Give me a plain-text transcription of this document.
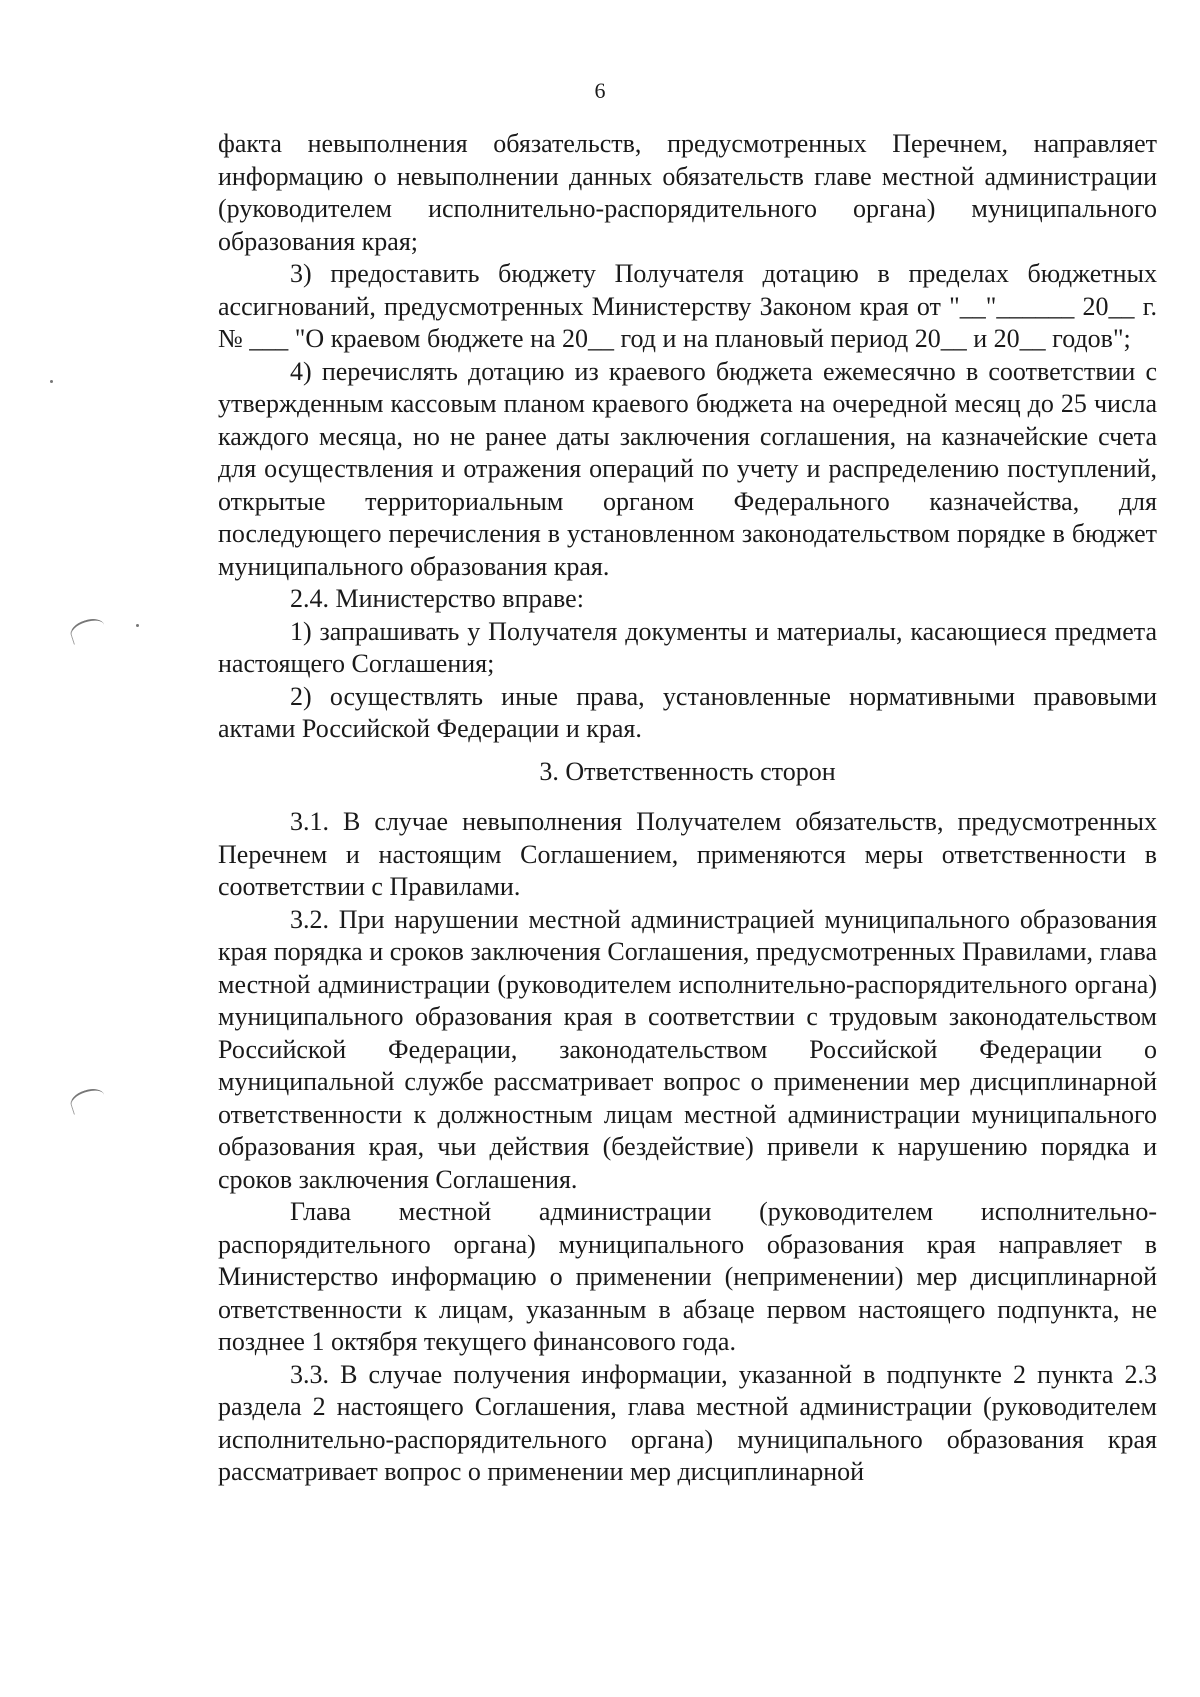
6

факта невыполнения обязательств, предусмотренных Перечнем, направляет информацию о невыполнении данных обязательств главе местной администрации (руководителем исполнительно-распорядительного органа) муниципального образования края;

3) предоставить бюджету Получателя дотацию в пределах бюджетных ассигнований, предусмотренных Министерству Законом края от "__"______ 20__ г. № ___ "О краевом бюджете на 20__ год и на плановый период 20__ и 20__ годов";

4) перечислять дотацию из краевого бюджета ежемесячно в соответствии с утвержденным кассовым планом краевого бюджета на очередной месяц до 25 числа каждого месяца, но не ранее даты заключения соглашения, на казначейские счета для осуществления и отражения операций по учету и распределению поступлений, открытые территориальным органом Федерального казначейства, для последующего перечисления в установленном законодательством порядке в бюджет муниципального образования края.

2.4. Министерство вправе:

1) запрашивать у Получателя документы и материалы, касающиеся предмета настоящего Соглашения;

2) осуществлять иные права, установленные нормативными правовыми актами Российской Федерации и края.

3. Ответственность сторон

3.1. В случае невыполнения Получателем обязательств, предусмотренных Перечнем и настоящим Соглашением, применяются меры ответственности в соответствии с Правилами.

3.2. При нарушении местной администрацией муниципального образования края порядка и сроков заключения Соглашения, предусмотренных Правилами, глава местной администрации (руководителем исполнительно-распорядительного органа) муниципального образования края в соответствии с трудовым законодательством Российской Федерации, законодательством Российской Федерации о муниципальной службе рассматривает вопрос о применении мер дисциплинарной ответственности к должностным лицам местной администрации муниципального образования края, чьи действия (бездействие) привели к нарушению порядка и сроков заключения Соглашения.

Глава местной администрации (руководителем исполнительно-распорядительного органа) муниципального образования края направляет в Министерство информацию о применении (неприменении) мер дисциплинарной ответственности к лицам, указанным в абзаце первом настоящего подпункта, не позднее 1 октября текущего финансового года.

3.3. В случае получения информации, указанной в подпункте 2 пункта 2.3 раздела 2 настоящего Соглашения, глава местной администрации (руководителем исполнительно-распорядительного органа) муниципального образования края рассматривает вопрос о применении мер дисциплинарной
